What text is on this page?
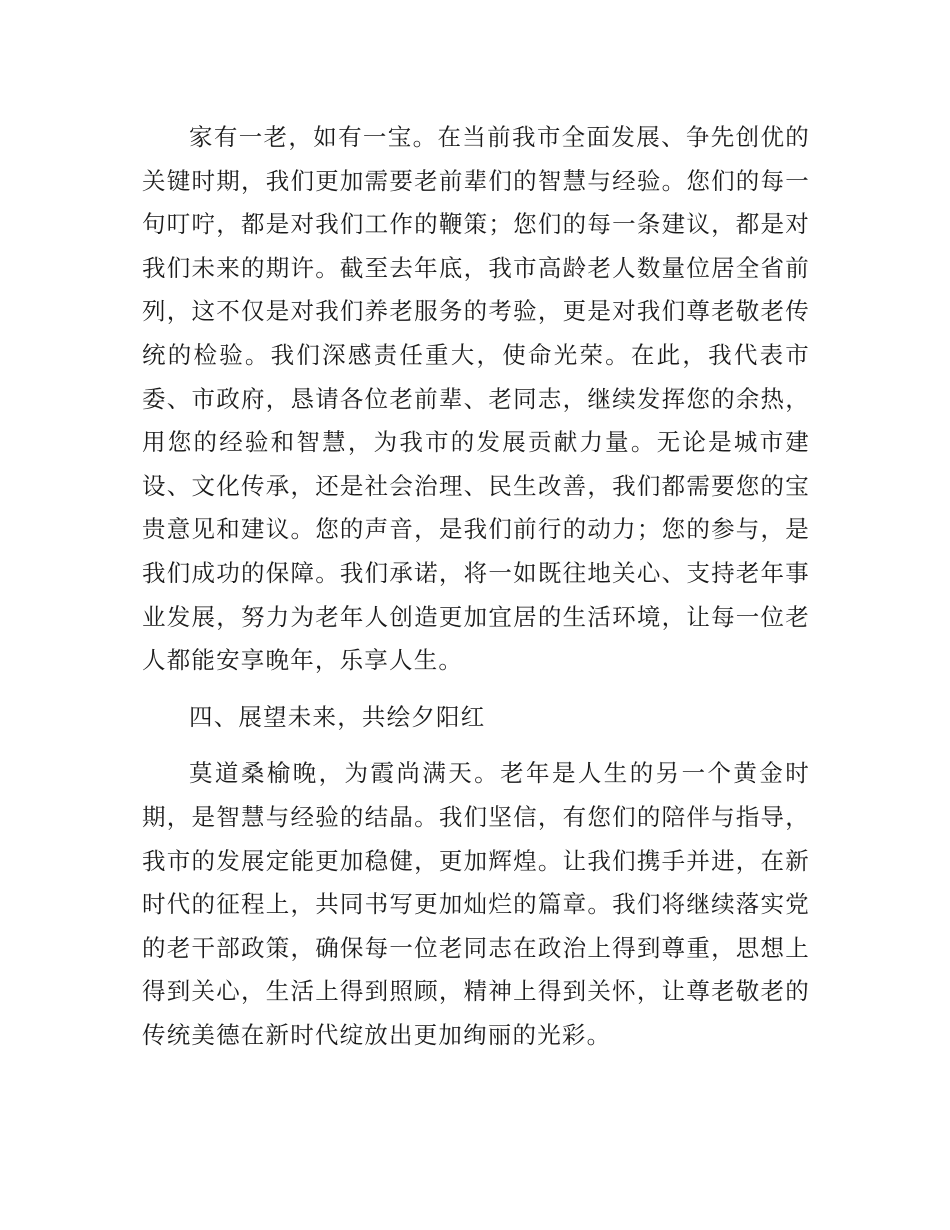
家有一老，如有一宝。在当前我市全面发展、争先创优的关键时期，我们更加需要老前辈们的智慧与经验。您们的每一句叮咛，都是对我们工作的鞭策；您们的每一条建议，都是对我们未来的期许。截至去年底，我市高龄老人数量位居全省前列，这不仅是对我们养老服务的考验，更是对我们尊老敬老传统的检验。我们深感责任重大，使命光荣。在此，我代表市委、市政府，恳请各位老前辈、老同志，继续发挥您的余热，用您的经验和智慧，为我市的发展贡献力量。无论是城市建设、文化传承，还是社会治理、民生改善，我们都需要您的宝贵意见和建议。您的声音，是我们前行的动力；您的参与，是我们成功的保障。我们承诺，将一如既往地关心、支持老年事业发展，努力为老年人创造更加宜居的生活环境，让每一位老人都能安享晚年，乐享人生。

四、展望未来，共绘夕阳红

莫道桑榆晚，为霞尚满天。老年是人生的另一个黄金时期，是智慧与经验的结晶。我们坚信，有您们的陪伴与指导，我市的发展定能更加稳健，更加辉煌。让我们携手并进，在新时代的征程上，共同书写更加灿烂的篇章。我们将继续落实党的老干部政策，确保每一位老同志在政治上得到尊重，思想上得到关心，生活上得到照顾，精神上得到关怀，让尊老敬老的传统美德在新时代绽放出更加绚丽的光彩。
